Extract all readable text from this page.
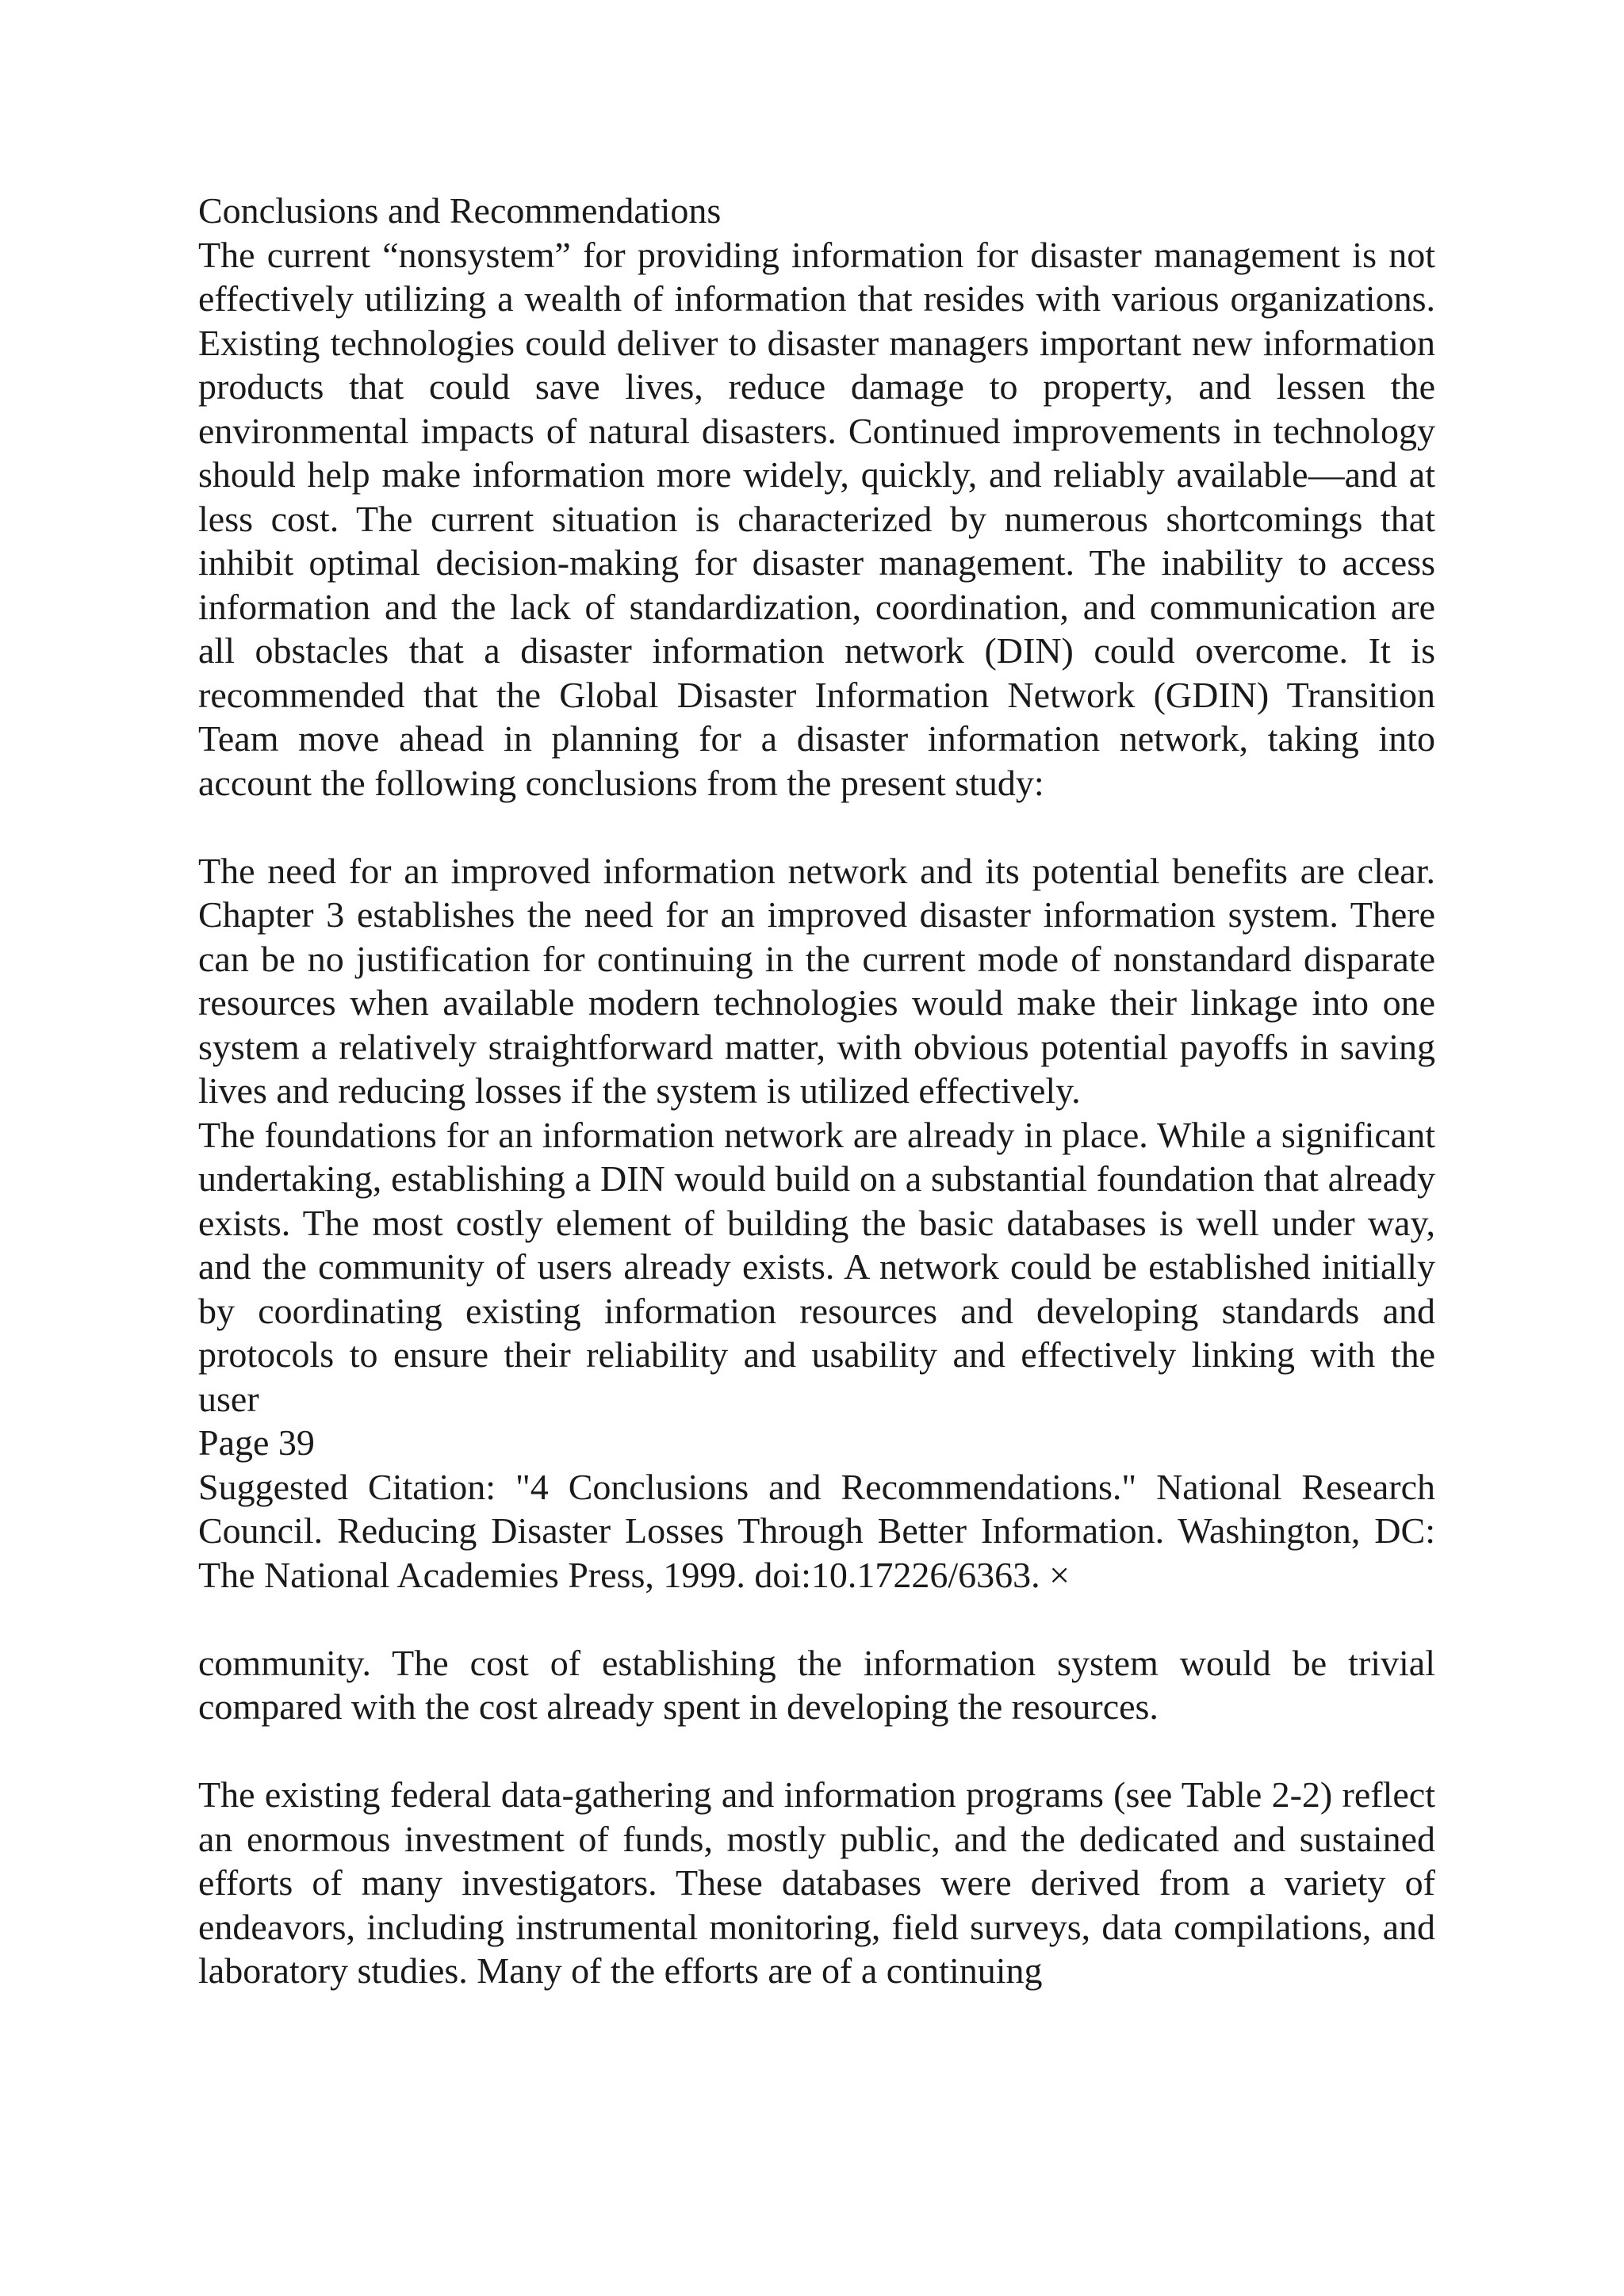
Conclusions and Recommendations

The current “nonsystem” for providing information for disaster management is not effectively utilizing a wealth of information that resides with various organizations. Existing technologies could deliver to disaster managers important new information products that could save lives, reduce damage to property, and lessen the environmental impacts of natural disasters. Continued improvements in technology should help make information more widely, quickly, and reliably available—and at less cost. The current situation is characterized by numerous shortcomings that inhibit optimal decision-making for disaster management. The inability to access information and the lack of standardization, coordination, and communication are all obstacles that a disaster information network (DIN) could overcome. It is recommended that the Global Disaster Information Network (GDIN) Transition Team move ahead in planning for a disaster information network, taking into account the following conclusions from the present study:

The need for an improved information network and its potential benefits are clear. Chapter 3 establishes the need for an improved disaster information system. There can be no justification for continuing in the current mode of nonstandard disparate resources when available modern technologies would make their linkage into one system a relatively straightforward matter, with obvious potential payoffs in saving lives and reducing losses if the system is utilized effectively.

The foundations for an information network are already in place. While a significant undertaking, establishing a DIN would build on a substantial foundation that already exists. The most costly element of building the basic databases is well under way, and the community of users already exists. A network could be established initially by coordinating existing information resources and developing standards and protocols to ensure their reliability and usability and effectively linking with the user

Page 39
Suggested Citation: "4 Conclusions and Recommendations." National Research Council. Reducing Disaster Losses Through Better Information. Washington, DC: The National Academies Press, 1999. doi:10.17226/6363. ×

community. The cost of establishing the information system would be trivial compared with the cost already spent in developing the resources.

The existing federal data-gathering and information programs (see Table 2-2) reflect an enormous investment of funds, mostly public, and the dedicated and sustained efforts of many investigators. These databases were derived from a variety of endeavors, including instrumental monitoring, field surveys, data compilations, and laboratory studies. Many of the efforts are of a continuing
